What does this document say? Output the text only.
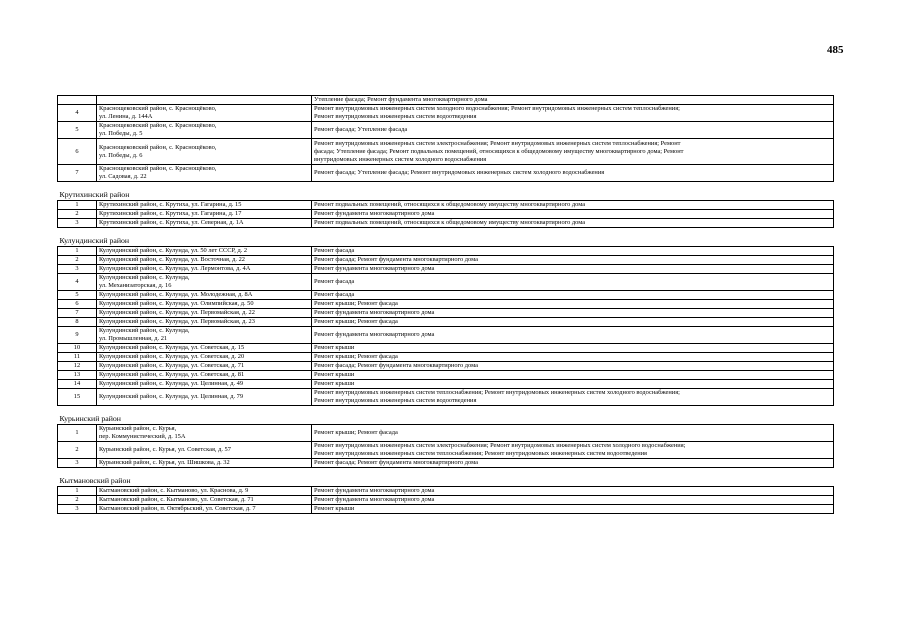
485

		Утепление фасада; Ремонт фундамента многоквартирного дома

4	Краснощековский район, с. Краснощёково,
ул. Ленина, д. 144А	Ремонт внутридомовых инженерных систем холодного водоснабжения; Ремонт внутридомовых инженерных систем теплоснабжения;
Ремонт внутридомовых инженерных систем водоотведения

5	Краснощековский район, с. Краснощёково,
ул. Победы, д. 5	Ремонт фасада; Утепление фасада

6	Краснощековский район, с. Краснощёково,
ул. Победы, д. 6	Ремонт внутридомовых инженерных систем электроснабжения; Ремонт внутридомовых инженерных систем теплоснабжения; Ремонт
фасада; Утепление фасада; Ремонт подвальных помещений, относящихся к общедомовому имуществу многоквартирного дома; Ремонт
внутридомовых инженерных систем холодного водоснабжения

7	Краснощековский район, с. Краснощёково,
ул. Садовая, д. 22	Ремонт фасада; Утепление фасада; Ремонт внутридомовых инженерных систем холодного водоснабжения

Крутихинский район		
1	Крутихинский район, с. Крутиха, ул. Гагарина, д. 15	Ремонт подвальных помещений, относящихся к общедомовому имуществу многоквартирного дома

2	Крутихинский район, с. Крутиха, ул. Гагарина, д. 17	Ремонт фундамента многоквартирного дома

3	Крутихинский район, с. Крутиха, ул. Северная, д. 1А	Ремонт подвальных помещений, относящихся к общедомовому имуществу многоквартирного дома

Кулундинский район		
1	Кулундинский район, с. Кулунда, ул. 50 лет СССР, д. 2	Ремонт фасада

2	Кулундинский район, с. Кулунда, ул. Восточная, д. 22	Ремонт фасада; Ремонт фундамента многоквартирного дома

3	Кулундинский район, с. Кулунда, ул. Лермонтова, д. 4А	Ремонт фундамента многоквартирного дома

4	Кулундинский район, с. Кулунда,
ул. Механизаторская, д. 16	Ремонт фасада

5	Кулундинский район, с. Кулунда, ул. Молодежная, д. 8А	Ремонт фасада

6	Кулундинский район, с. Кулунда, ул. Олимпийская, д. 50	Ремонт крыши; Ремонт фасада

7	Кулундинский район, с. Кулунда, ул. Первомайская, д. 22	Ремонт фундамента многоквартирного дома

8	Кулундинский район, с. Кулунда, ул. Первомайская, д. 23	Ремонт крыши; Ремонт фасада

9	Кулундинский район, с. Кулунда,
ул. Промышленная, д. 21	Ремонт фундамента многоквартирного дома

10	Кулундинский район, с. Кулунда, ул. Советская, д. 15	Ремонт крыши

11	Кулундинский район, с. Кулунда, ул. Советская, д. 20	Ремонт крыши; Ремонт фасада

12	Кулундинский район, с. Кулунда, ул. Советская, д. 71	Ремонт фасада; Ремонт фундамента многоквартирного дома

13	Кулундинский район, с. Кулунда, ул. Советская, д. 81	Ремонт крыши

14	Кулундинский район, с. Кулунда, ул. Целинная, д. 49	Ремонт крыши

15	Кулундинский район, с. Кулунда, ул. Целинная, д. 79	Ремонт внутридомовых инженерных систем теплоснабжения; Ремонт внутридомовых инженерных систем холодного водоснабжения;
Ремонт внутридомовых инженерных систем водоотведения

Курьинский район		
1	Курьинский район, с. Курья,
пер. Коммунистический, д. 15А	Ремонт крыши; Ремонт фасада

2	Курьинский район, с. Курья, ул. Советская, д. 57	Ремонт внутридомовых инженерных систем электроснабжения; Ремонт внутридомовых инженерных систем холодного водоснабжения;
Ремонт внутридомовых инженерных систем теплоснабжения; Ремонт внутридомовых инженерных систем водоотведения

3	Курьинский район, с. Курья, ул. Шишкова, д. 32	Ремонт фасада; Ремонт фундамента многоквартирного дома

Кытмановский район		
1	Кытмановский район, с. Кытманово, ул. Краснова, д. 9	Ремонт фундамента многоквартирного дома

2	Кытмановский район, с. Кытманово, ул. Советская, д. 71	Ремонт фундамента многоквартирного дома

3	Кытмановский район, п. Октябрьский, ул. Советская, д. 7	Ремонт крыши
